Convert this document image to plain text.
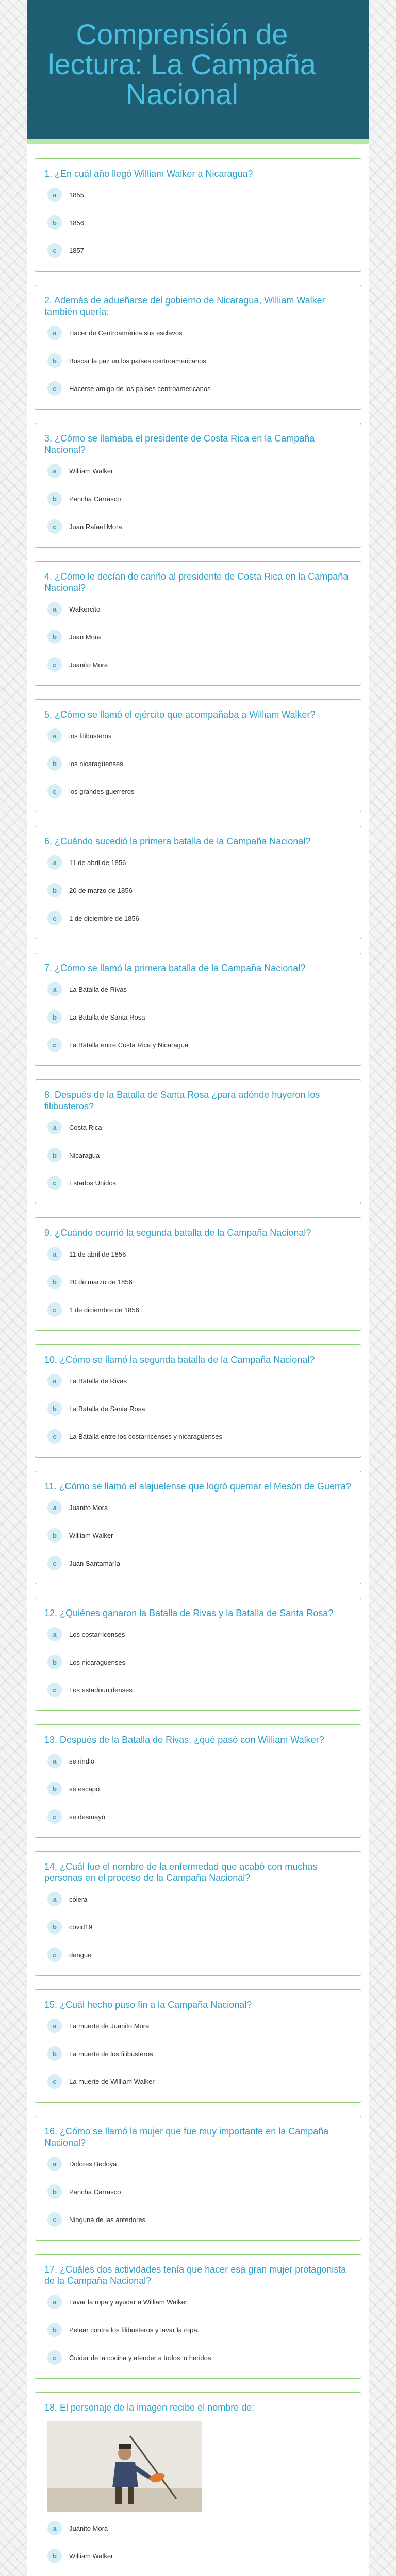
Comprensión de lectura: La Campaña Nacional

1. ¿En cuál año llegó William Walker a Nicaragua?

a	1855
b	1856
c	1857

2. Además de adueñarse del gobierno de Nicaragua, William Walker también quería:

a	Hacer de Centroamérica sus esclavos
b	Buscar la paz en los países centroamericanos
c	Hacerse amigo de los países centroamericanos

3. ¿Cómo se llamaba el presidente de Costa Rica en la Campaña Nacional?

a	William Walker
b	Pancha Carrasco
c	Juan Rafael Mora

4. ¿Cómo le decían de cariño al presidente de Costa Rica en la Campaña Nacional?

a	Walkercito
b	Juan Mora
c	Juanito Mora

5. ¿Cómo se llamó el ejército que acompañaba a William Walker?

a	los filibusteros
b	los nicaragüenses
c	los grandes guerreros

6. ¿Cuándo sucedió la primera batalla de la Campaña Nacional?

a	11 de abril de 1856
b	20 de marzo de 1856
c	1 de diciembre de 1856

7. ¿Cómo se llamó la primera batalla de la Campaña Nacional?

a	La Batalla de Rivas
b	La Batalla de Santa Rosa
c	La Batalla entre Costa Rica y Nicaragua

8. Después de la Batalla de Santa Rosa ¿para adónde huyeron los filibusteros?

a	Costa Rica
b	Nicaragua
c	Estados Unidos

9. ¿Cuándo ocurrió la segunda batalla de la Campaña Nacional?

a	11 de abril de 1856
b	20 de marzo de 1856
c	1 de diciembre de 1856

10. ¿Cómo se llamó la segunda batalla de la Campaña Nacional?

a	La Batalla de Rivas
b	La Batalla de Santa Rosa
c	La Batalla entre los costarricenses y nicaragüenses

11. ¿Cómo se llamó el alajuelense que logró quemar el Mesón de Guerra?

a	Juanito Mora
b	William Walker
c	Juan Santamaría

12. ¿Quiénes ganaron la Batalla de Rivas y la Batalla de Santa Rosa?

a	Los costarricenses
b	Los nicaragüenses
c	Los estadounidenses

13. Después de la Batalla de Rivas, ¿qué pasó con William Walker?

a	se rindió
b	se escapó
c	se desmayó

14. ¿Cuál fue el nombre de la enfermedad que acabó con muchas personas en el proceso de la Campaña Nacional?

a	cólera
b	covid19
c	dengue

15. ¿Cuál hecho puso fin a la Campaña Nacional?

a	La muerte de Juanito Mora
b	La muerte de los filibusteros
c	La muerte de William Walker

16. ¿Cómo se llamó la mujer que fue muy importante en la Campaña Nacional?

a	Dolores Bedoya
b	Pancha Carrasco
c	Ninguna de las anteriores

17. ¿Cuáles dos actividades tenía que hacer esa gran mujer protagonista de la Campaña Nacional?

a	Lavar la ropa y ayudar a William Walker.
b	Pelear contra los filibusteros y lavar la ropa.
c	Cuidar de la cocina y atender a todos lo heridos.

18. El personaje de la imagen recibe el nombre de:

a	Juanito Mora
b	William Walker
